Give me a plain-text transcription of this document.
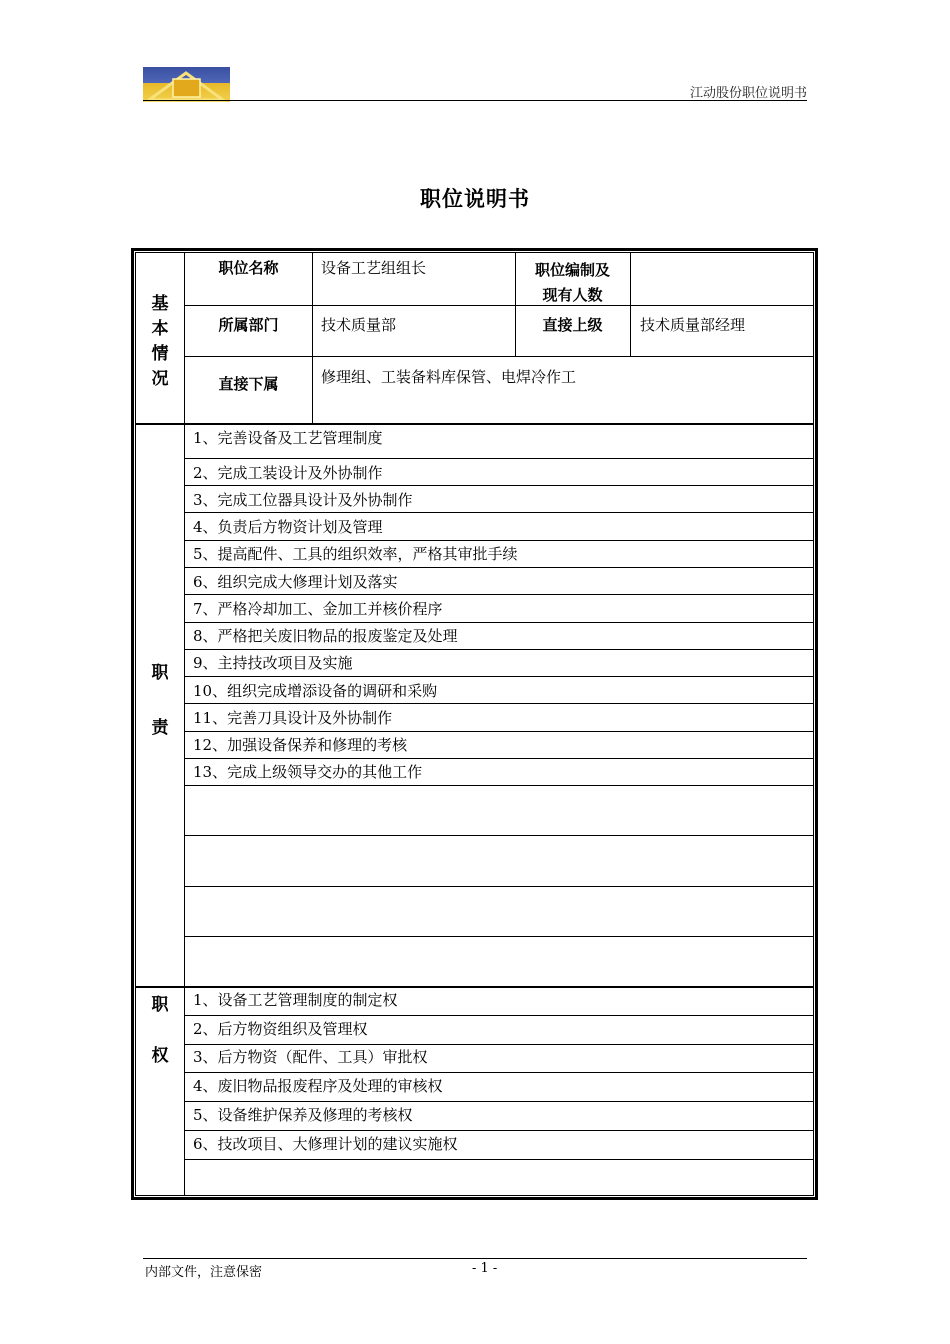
江动股份职位说明书
职位说明书
基
本
情
况
职位名称	设备工艺组组长	职位编制及
现有人数
所属部门	技术质量部	直接上级	技术质量部经理
直接下属	修理组、工装备料库保管、电焊冷作工
职
责
1、完善设备及工艺管理制度
2、完成工装设计及外协制作
3、完成工位器具设计及外协制作
4、负责后方物资计划及管理
5、提高配件、工具的组织效率，严格其审批手续
6、组织完成大修理计划及落实
7、严格冷却加工、金加工并核价程序
8、严格把关废旧物品的报废鉴定及处理
9、主持技改项目及实施
10、组织完成增添设备的调研和采购
11、完善刀具设计及外协制作
12、加强设备保养和修理的考核
13、完成上级领导交办的其他工作
职
权
1、设备工艺管理制度的制定权
2、后方物资组织及管理权
3、后方物资（配件、工具）审批权
4、废旧物品报废程序及处理的审核权
5、设备维护保养及修理的考核权
6、技改项目、大修理计划的建议实施权
内部文件，注意保密	- 1 -
